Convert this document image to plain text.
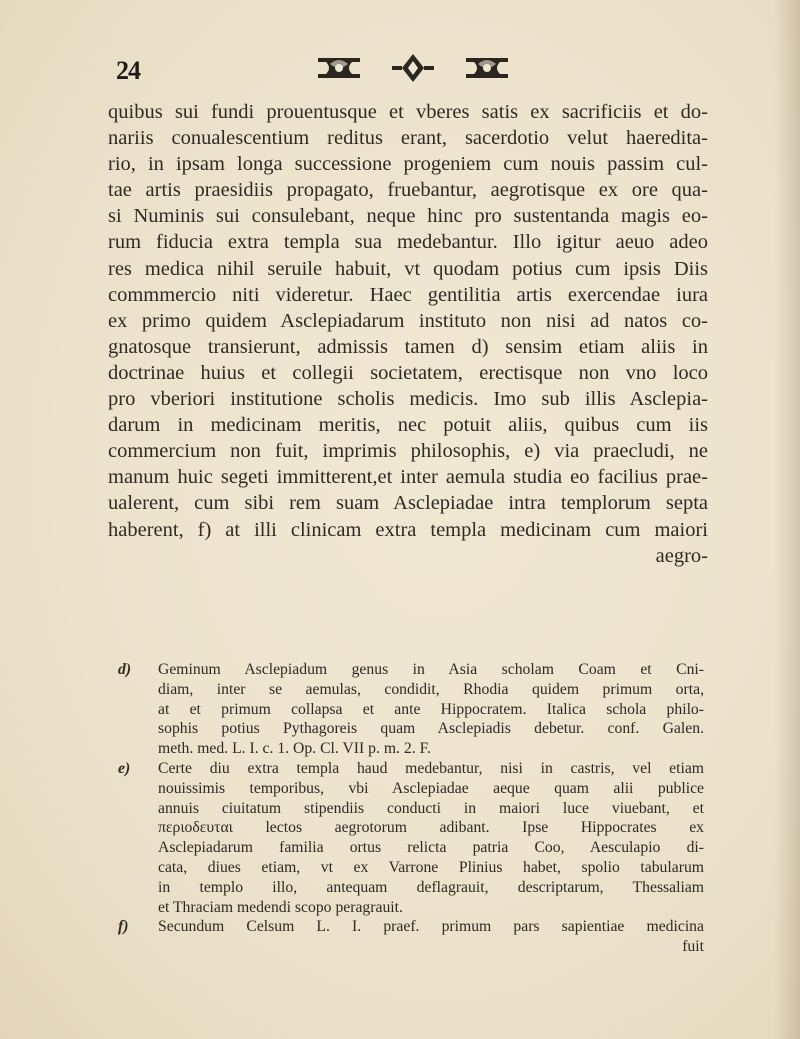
24
quibus sui fundi prouentusque et vberes satis ex sacrificiis et do-
nariis conualescentium reditus erant, sacerdotio velut haeredita-
rio, in ipsam longa successione progeniem cum nouis passim cul-
tae artis praesidiis propagato, fruebantur, aegrotisque ex ore qua-
si Numinis sui consulebant, neque hinc pro sustentanda magis eo-
rum fiducia extra templa sua medebantur. Illo igitur aeuo adeo
res medica nihil seruile habuit, vt quodam potius cum ipsis Diis
commmercio niti videretur. Haec gentilitia artis exercendae iura
ex primo quidem Asclepiadarum instituto non nisi ad natos co-
gnatosque transierunt, admissis tamen d) sensim etiam aliis in
doctrinae huius et collegii societatem, erectisque non vno loco
pro vberiori institutione scholis medicis. Imo sub illis Asclepia-
darum in medicinam meritis, nec potuit aliis, quibus cum iis
commercium non fuit, imprimis philosophis, e) via praecludi, ne
manum huic segeti immitterent,et inter aemula studia eo facilius prae-
ualerent, cum sibi rem suam Asclepiadae intra templorum septa
haberent, f) at illi clinicam extra templa medicinam cum maiori
aegro-
d) Geminum Asclepiadum genus in Asia scholam Coam et Cni-
diam, inter se aemulas, condidit, Rhodia quidem primum orta,
at et primum collapsa et ante Hippocratem. Italica schola philo-
sophis potius Pythagoreis quam Asclepiadis debetur. conf. Galen.
meth. med. L. I. c. 1. Op. Cl. VII p. m. 2. F.
e) Certe diu extra templa haud medebantur, nisi in castris, vel etiam
nouissimis temporibus, vbi Asclepiadae aeque quam alii publice
annuis ciuitatum stipendiis conducti in maiori luce viuebant, et
περιοδευται lectos aegrotorum adibant. Ipse Hippocrates ex
Asclepiadarum familia ortus relicta patria Coo, Aesculapio di-
cata, diues etiam, vt ex Varrone Plinius habet, spolio tabularum
in templo illo, antequam deflagrauit, descriptarum, Thessaliam
et Thraciam medendi scopo peragrauit.
f) Secundum Celsum L. I. praef. primum pars sapientiae medicina
fuit
